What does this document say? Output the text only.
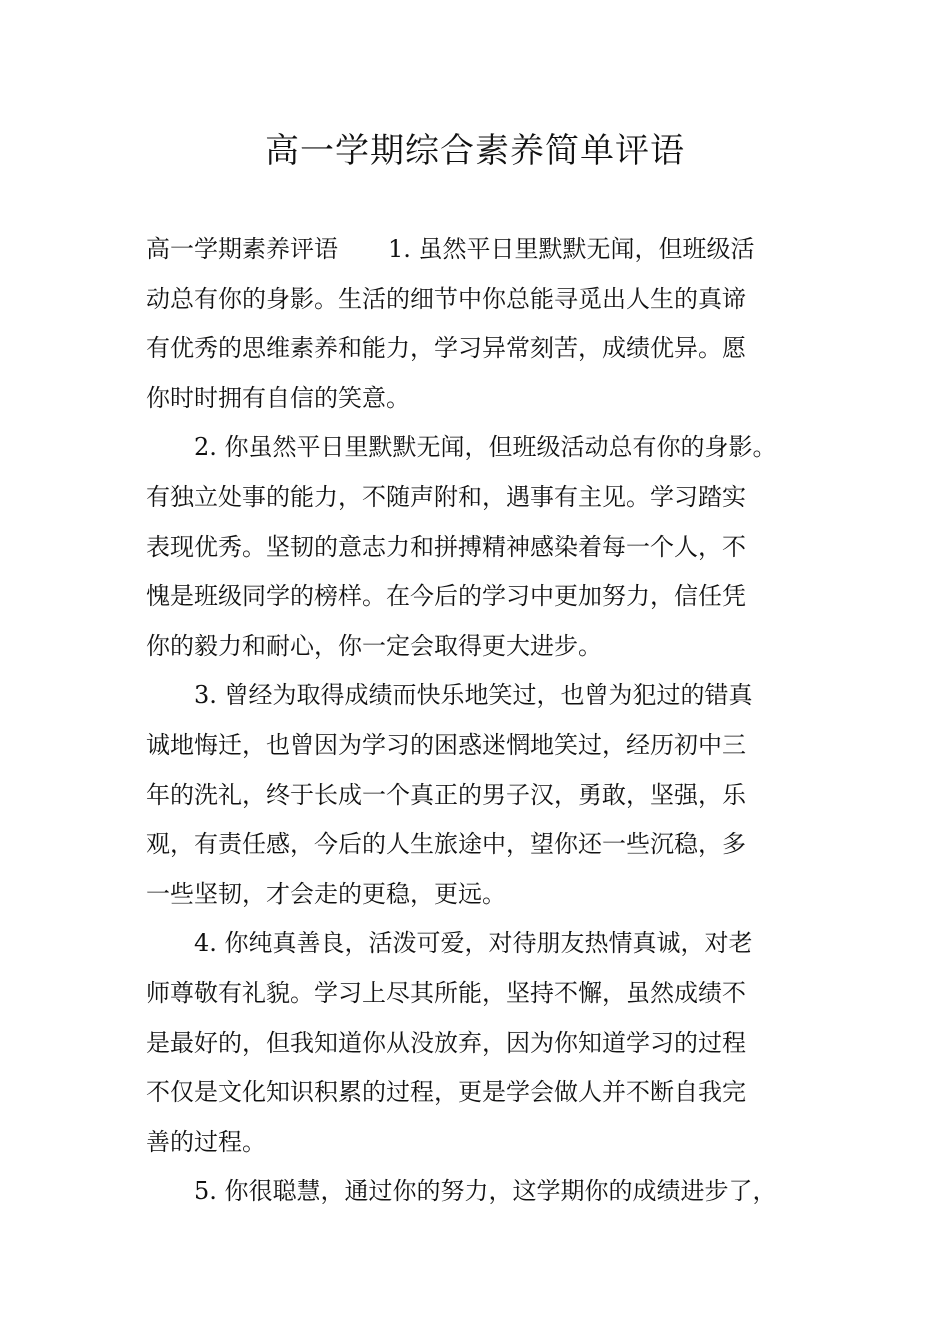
高一学期综合素养简单评语
高一学期素养评语 1. 虽然平日里默默无闻，但班级活
动总有你的身影。生活的细节中你总能寻觅出人生的真谛
有优秀的思维素养和能力，学习异常刻苦，成绩优异。愿
你时时拥有自信的笑意。
2. 你虽然平日里默默无闻，但班级活动总有你的身影。
有独立处事的能力，不随声附和，遇事有主见。学习踏实
表现优秀。坚韧的意志力和拼搏精神感染着每一个人，不
愧是班级同学的榜样。在今后的学习中更加努力，信任凭
你的毅力和耐心，你一定会取得更大进步。
3. 曾经为取得成绩而快乐地笑过，也曾为犯过的错真
诚地悔迁，也曾因为学习的困惑迷惘地笑过，经历初中三
年的洗礼，终于长成一个真正的男子汉，勇敢，坚强，乐
观，有责任感，今后的人生旅途中，望你还一些沉稳，多
一些坚韧，才会走的更稳，更远。
4. 你纯真善良，活泼可爱，对待朋友热情真诚，对老
师尊敬有礼貌。学习上尽其所能，坚持不懈，虽然成绩不
是最好的，但我知道你从没放弃，因为你知道学习的过程
不仅是文化知识积累的过程，更是学会做人并不断自我完
善的过程。
5. 你很聪慧，通过你的努力，这学期你的成绩进步了，
